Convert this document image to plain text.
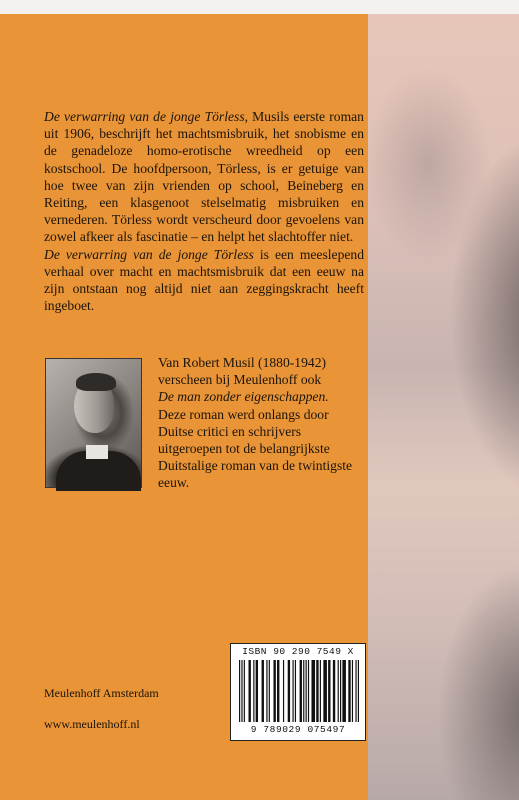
De verwarring van de jonge Törless, Musils eerste roman uit 1906, beschrijft het machtsmisbruik, het snobisme en de genadeloze homo-erotische wreedheid op een kostschool. De hoofdpersoon, Törless, is er getuige van hoe twee van zijn vrienden op school, Beineberg en Reiting, een klasgenoot stelselmatig misbruiken en vernederen. Törless wordt verscheurd door gevoelens van zowel afkeer als fascinatie – en helpt het slachtoffer niet.

De verwarring van de jonge Törless is een meeslepend verhaal over macht en machtsmisbruik dat een eeuw na zijn ontstaan nog altijd niet aan zeggingskracht heeft ingeboet.

Van Robert Musil (1880-1942) verscheen bij Meulenhoff ook
De man zonder eigenschappen.
Deze roman werd onlangs door Duitse critici en schrijvers uitgeroepen tot de belangrijkste Duitstalige roman van de twintigste eeuw.
Meulenhoff Amsterdam
www.meulenhoff.nl
ISBN 90 290 7549 X
9 789029 075497
